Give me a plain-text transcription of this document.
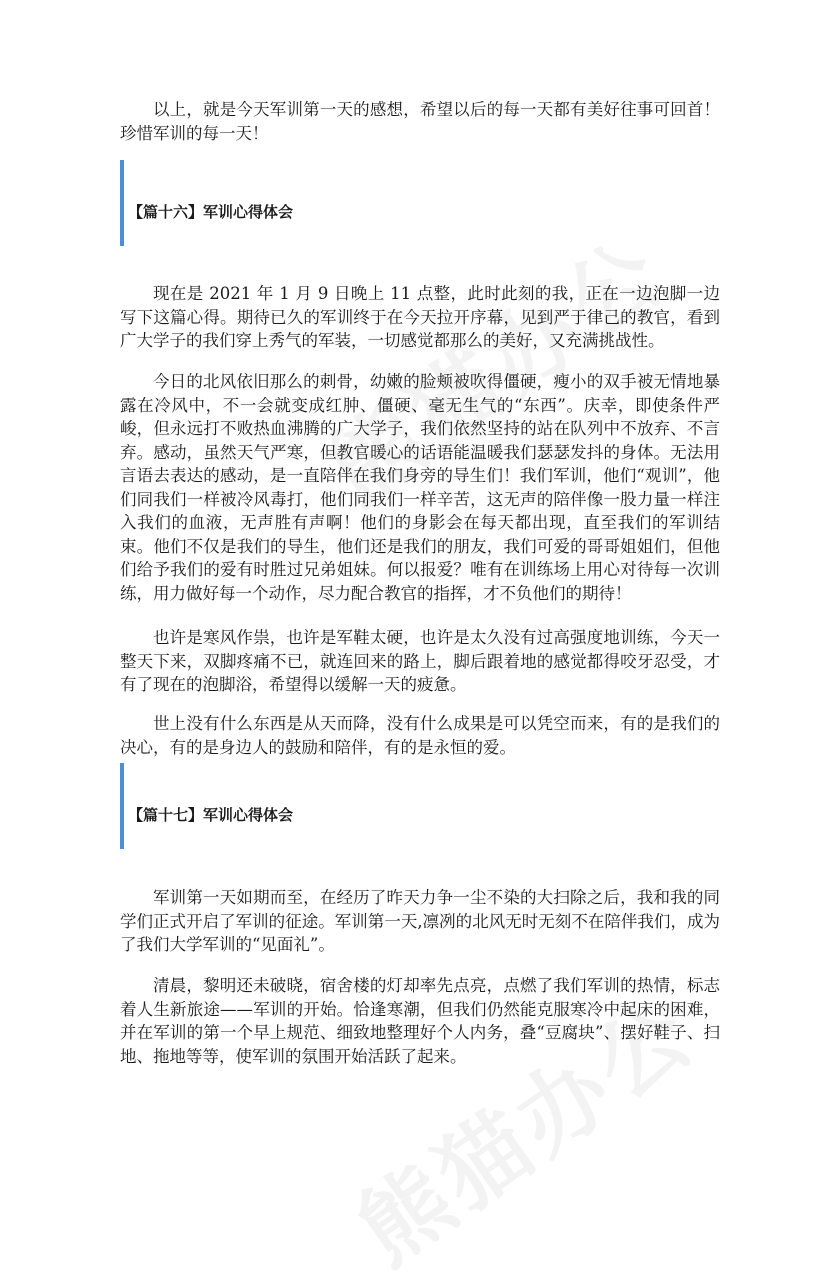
以上，就是今天军训第一天的感想，希望以后的每一天都有美好往事可回首！珍惜军训的每一天！

【篇十六】军训心得体会

现在是 2021 年 1 月 9 日晚上 11 点整，此时此刻的我，正在一边泡脚一边写下这篇心得。期待已久的军训终于在今天拉开序幕，见到严于律己的教官，看到广大学子的我们穿上秀气的军装，一切感觉都那么的美好，又充满挑战性。

今日的北风依旧那么的刺骨，幼嫩的脸颊被吹得僵硬，瘦小的双手被无情地暴露在冷风中，不一会就变成红肿、僵硬、毫无生气的“东西”。庆幸，即使条件严峻，但永远打不败热血沸腾的广大学子，我们依然坚持的站在队列中不放弃、不言弃。感动，虽然天气严寒，但教官暖心的话语能温暖我们瑟瑟发抖的身体。无法用言语去表达的感动，是一直陪伴在我们身旁的导生们！我们军训，他们“观训”，他们同我们一样被冷风毒打，他们同我们一样辛苦，这无声的陪伴像一股力量一样注入我们的血液，无声胜有声啊！他们的身影会在每天都出现，直至我们的军训结束。他们不仅是我们的导生，他们还是我们的朋友，我们可爱的哥哥姐姐们，但他们给予我们的爱有时胜过兄弟姐妹。何以报爱？唯有在训练场上用心对待每一次训练，用力做好每一个动作，尽力配合教官的指挥，才不负他们的期待！

也许是寒风作祟，也许是军鞋太硬，也许是太久没有过高强度地训练，今天一整天下来，双脚疼痛不已，就连回来的路上，脚后跟着地的感觉都得咬牙忍受，才有了现在的泡脚浴，希望得以缓解一天的疲惫。

世上没有什么东西是从天而降，没有什么成果是可以凭空而来，有的是我们的决心，有的是身边人的鼓励和陪伴，有的是永恒的爱。

【篇十七】军训心得体会

军训第一天如期而至，在经历了昨天力争一尘不染的大扫除之后，我和我的同学们正式开启了军训的征途。军训第一天,凛冽的北风无时无刻不在陪伴我们，成为了我们大学军训的“见面礼”。

清晨，黎明还未破晓，宿舍楼的灯却率先点亮，点燃了我们军训的热情，标志着人生新旅途——军训的开始。恰逢寒潮，但我们仍然能克服寒冷中起床的困难，并在军训的第一个早上规范、细致地整理好个人内务，叠“豆腐块”、摆好鞋子、扫地、拖地等等，使军训的氛围开始活跃了起来。
